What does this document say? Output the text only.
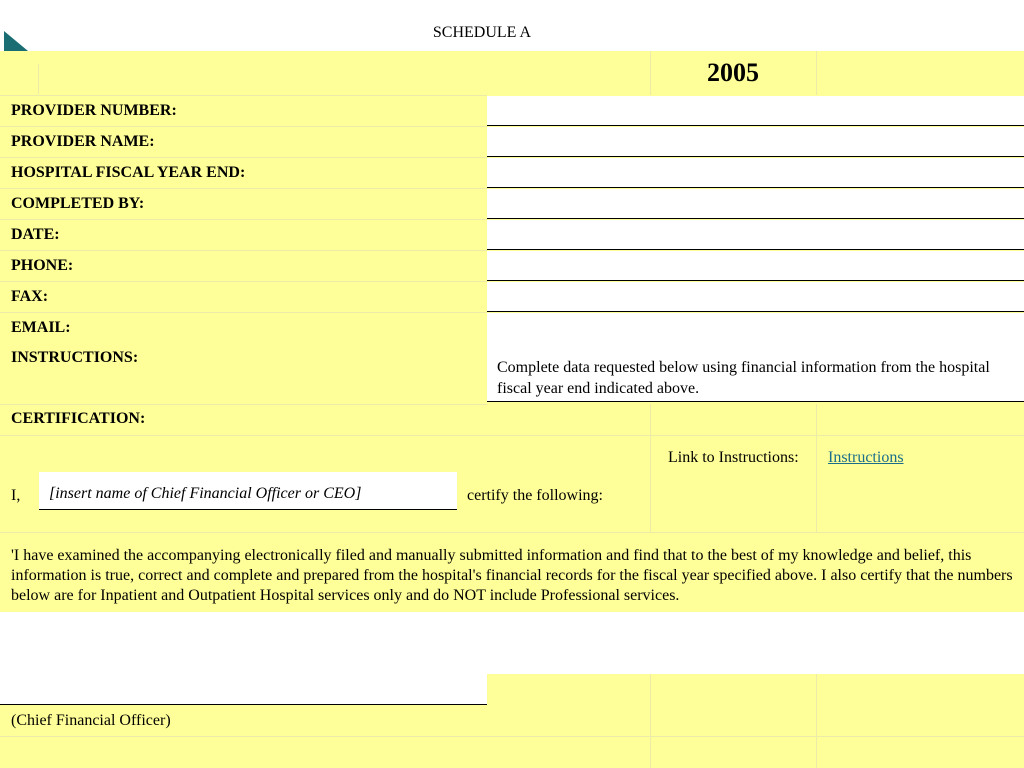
SCHEDULE A
2005
PROVIDER NUMBER:
PROVIDER NAME:
HOSPITAL FISCAL YEAR END:
COMPLETED BY:
DATE:
PHONE:
FAX:
EMAIL:
INSTRUCTIONS:
Complete data requested below using financial information from the hospital fiscal year end indicated above.
CERTIFICATION:
Link to Instructions: Instructions
I,	[insert name of Chief Financial Officer or CEO]	certify the following:
'I have examined the accompanying electronically filed and manually submitted information and find that to the best of my knowledge and belief, this information is true, correct and complete and prepared from the hospital's financial records for the fiscal year specified above. I also certify that the numbers below are for Inpatient and Outpatient Hospital services only and do NOT include Professional services.
(Chief Financial Officer)
